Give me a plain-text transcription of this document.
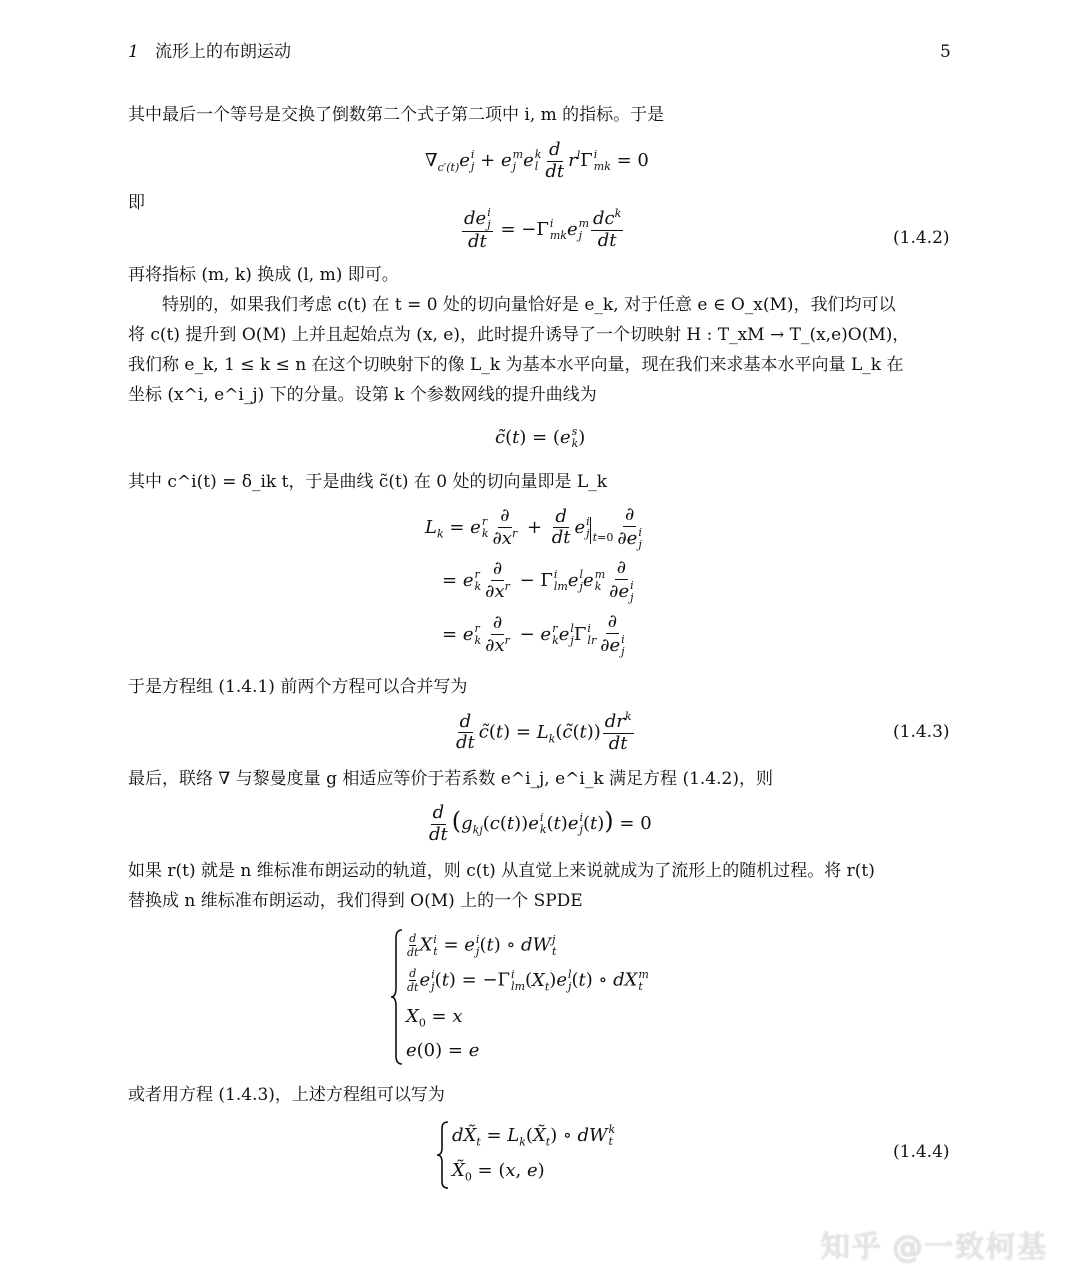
1 流形上的布朗运动	5
其中最后一个等号是交换了倒数第二个式子第二项中 i, m 的指标。于是
$\nabla_{c'(t)}e$ i
j + e m
j e k
l $\frac{d}{dt} r^l\Gamma$ i
mk = 0
即
de i
j
dt = −Γ i
mk e m
j $\frac{dc^k}{dt}$	(1.4.2)
再将指标 (m, k) 换成 (l, m) 即可。
特别的，如果我们考虑 c(t) 在 t = 0 处的切向量恰好是 e_k, 对于任意 e ∈ O_x(M)，我们均可以
将 c(t) 提升到 O(M) 上并且起始点为 (x, e)，此时提升诱导了一个切映射 H : T_xM → T_(x,e)O(M)，
我们称 e_k, 1 ≤ k ≤ n 在这个切映射下的像 L_k 为基本水平向量，现在我们来求基本水平向量 L_k 在
坐标 (x^i, e^i_j) 下的分量。设第 k 个参数网线的提升曲线为
c̃(t) = (e s
k )
其中 c^i(t) = δ_ik t，于是曲线 c̃(t) 在 0 处的切向量即是 L_k
$L_k = e$ r
k $\frac{\partial}{\partial x^r} + \frac{d}{dt}$ e i
j $_{t=0}$ ∂
∂e i
j
= e r
k $\frac{\partial}{\partial x^r} - \Gamma$ i
lm e l
j e m
k ∂
∂e i
j
= e r
k $\frac{\partial}{\partial x^r} - e$ r
k e l
j Γ i
lr ∂
∂e i
j
于是方程组 (1.4.1) 前两个方程可以合并写为
$\frac{d}{dt}$ c̃(t) = $L_k(c̃(t)) \frac{dr^k}{dt}$	(1.4.3)
最后，联络 ∇ 与黎曼度量 g 相适应等价于若系数 e^i_j, e^i_k 满足方程 (1.4.2)，则
$\frac{d}{dt} (g_{kj}(c(t))e$ i
k (t)e i
j (t)) = 0
如果 r(t) 就是 n 维标准布朗运动的轨道，则 c(t) 从直觉上来说就成为了流形上的随机过程。将 r(t)
替换成 n 维标准布朗运动，我们得到 O(M) 上的一个 SPDE
$\frac{d}{dt}$ X i
t = e i
j (t) ∘ dW j
t
$\frac{d}{dt}$ e i
j (t) = −Γ i
lm $(X_t)e$ l
j (t) ∘ dX m
t
$X_0 = x$
e(0) = e
或者用方程 (1.4.3)，上述方程组可以写为
$dX̃_t$ = $L_k(X̃_t)$ ∘ dW k
t
$X̃_0 = (x$, e)
(1.4.4)
知乎 @一致柯基
